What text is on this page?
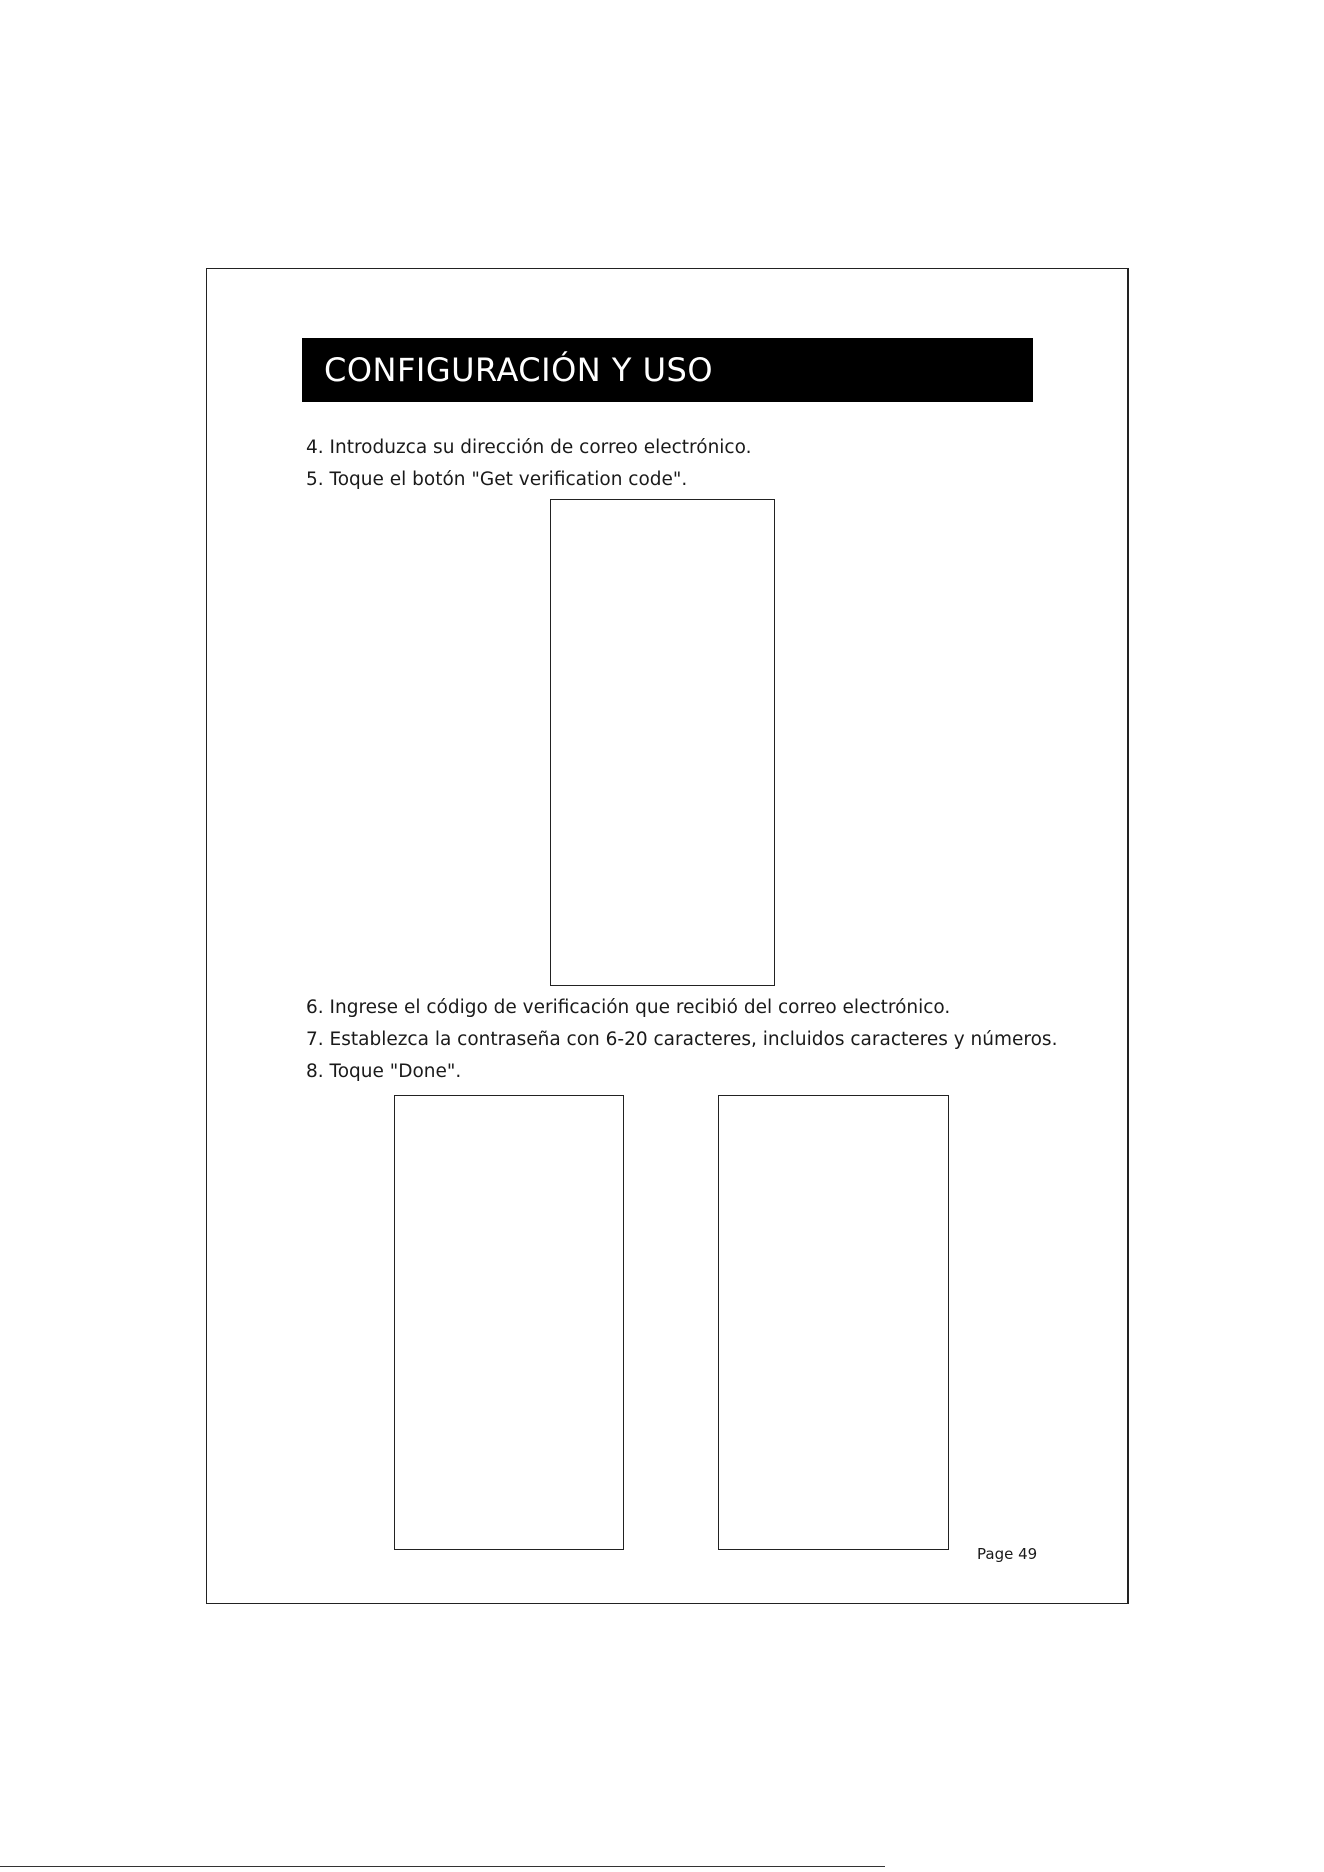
CONFIGURACIÓN Y USO
4. Introduzca su dirección de correo electrónico.
5. Toque el botón "Get verification code".
6. Ingrese el código de verificación que recibió del correo electrónico.
7. Establezca la contraseña con 6-20 caracteres, incluidos caracteres y números.
8. Toque "Done".
Page 49
